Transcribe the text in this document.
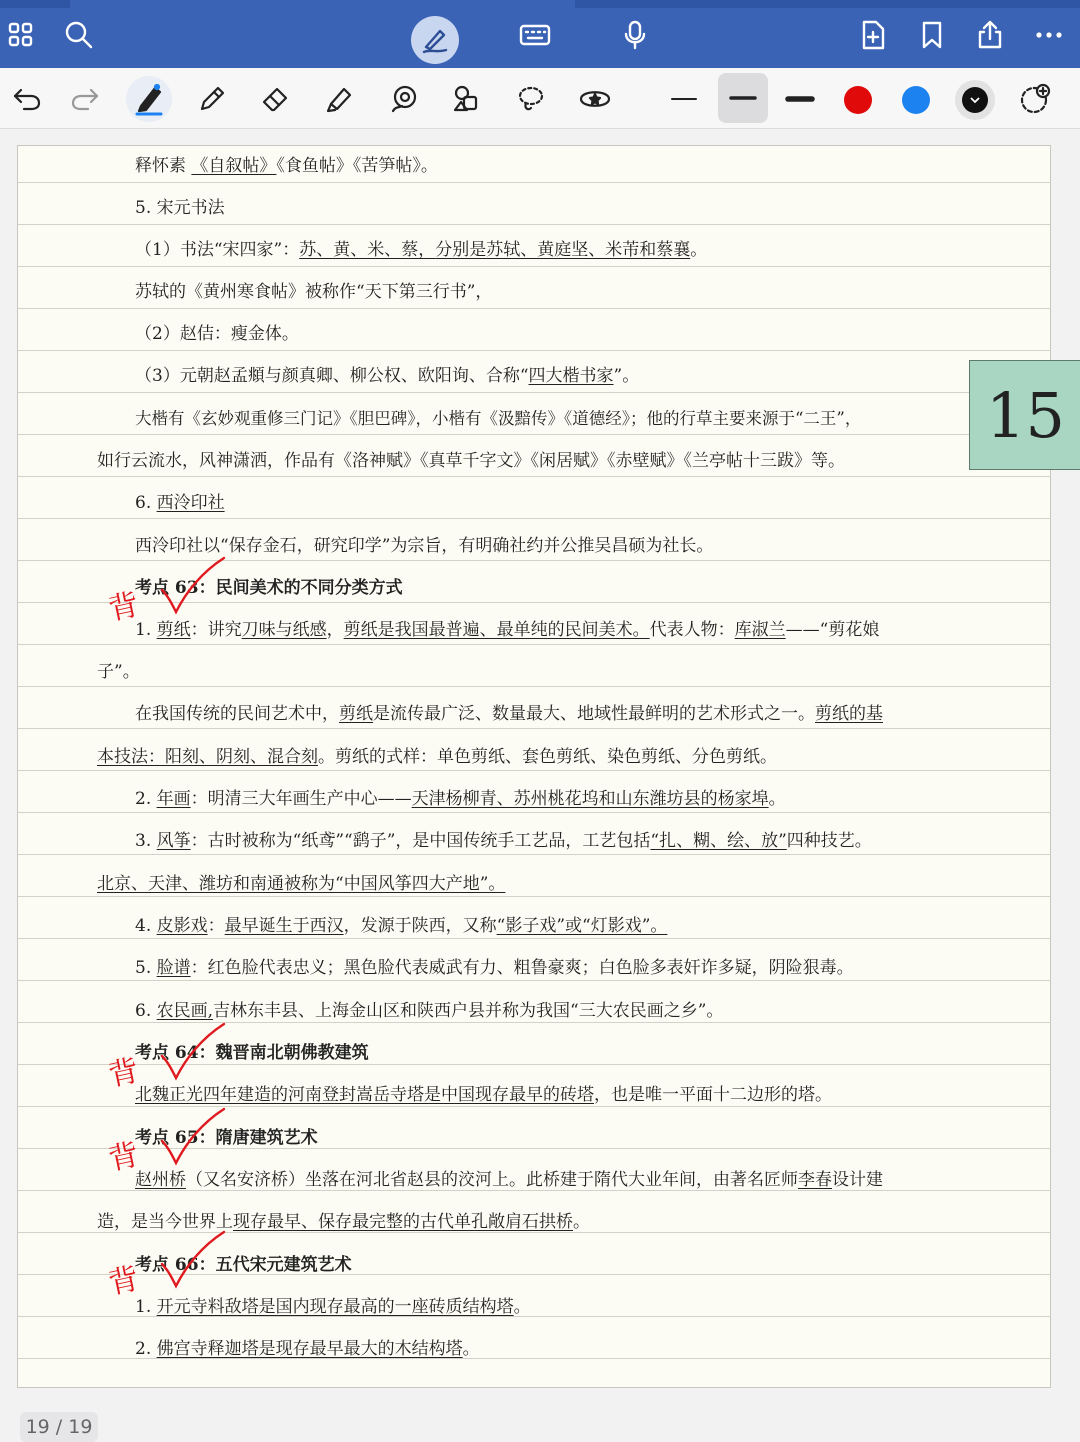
释怀素 《自叙帖》《食鱼帖》《苦笋帖》。
5. 宋元书法
（1）书法“宋四家”：苏、黄、米、蔡，分别是苏轼、黄庭坚、米芾和蔡襄。
苏轼的《黄州寒食帖》被称作“天下第三行书”，
（2）赵佶：瘦金体。
（3）元朝赵孟頫与颜真卿、柳公权、欧阳询、合称“四大楷书家”。
大楷有《玄妙观重修三门记》《胆巴碑》，小楷有《汲黯传》《道德经》；他的行草主要来源于“二王”，
如行云流水，风神潇洒，作品有《洛神赋》《真草千字文》《闲居赋》《赤壁赋》《兰亭帖十三跋》等。
6. 西泠印社
西泠印社以“保存金石，研究印学”为宗旨，有明确社约并公推吴昌硕为社长。
考点 63：民间美术的不同分类方式
1. 剪纸：讲究刀味与纸感，剪纸是我国最普遍、最单纯的民间美术。代表人物：库淑兰——“剪花娘
子”。
在我国传统的民间艺术中，剪纸是流传最广泛、数量最大、地域性最鲜明的艺术形式之一。剪纸的基
本技法：阳刻、阴刻、混合刻。剪纸的式样：单色剪纸、套色剪纸、染色剪纸、分色剪纸。
2. 年画：明清三大年画生产中心——天津杨柳青、苏州桃花坞和山东潍坊县的杨家埠。
3. 风筝：古时被称为“纸鸢”“鹞子”，是中国传统手工艺品，工艺包括“扎、糊、绘、放”四种技艺。
北京、天津、潍坊和南通被称为“中国风筝四大产地”。
4. 皮影戏：最早诞生于西汉，发源于陕西，又称“影子戏”或“灯影戏”。
5. 脸谱：红色脸代表忠义；黑色脸代表威武有力、粗鲁豪爽；白色脸多表奸诈多疑，阴险狠毒。
6. 农民画,吉林东丰县、上海金山区和陕西户县并称为我国“三大农民画之乡”。
考点 64：魏晋南北朝佛教建筑
北魏正光四年建造的河南登封嵩岳寺塔是中国现存最早的砖塔，也是唯一平面十二边形的塔。
考点 65：隋唐建筑艺术
赵州桥（又名安济桥）坐落在河北省赵县的洨河上。此桥建于隋代大业年间，由著名匠师李春设计建
造，是当今世界上现存最早、保存最完整的古代单孔敞肩石拱桥。
考点 66：五代宋元建筑艺术
1. 开元寺料敌塔是国内现存最高的一座砖质结构塔。
2. 佛宫寺释迦塔是现存最早最大的木结构塔。
背
背
背
背
15
19 / 19
